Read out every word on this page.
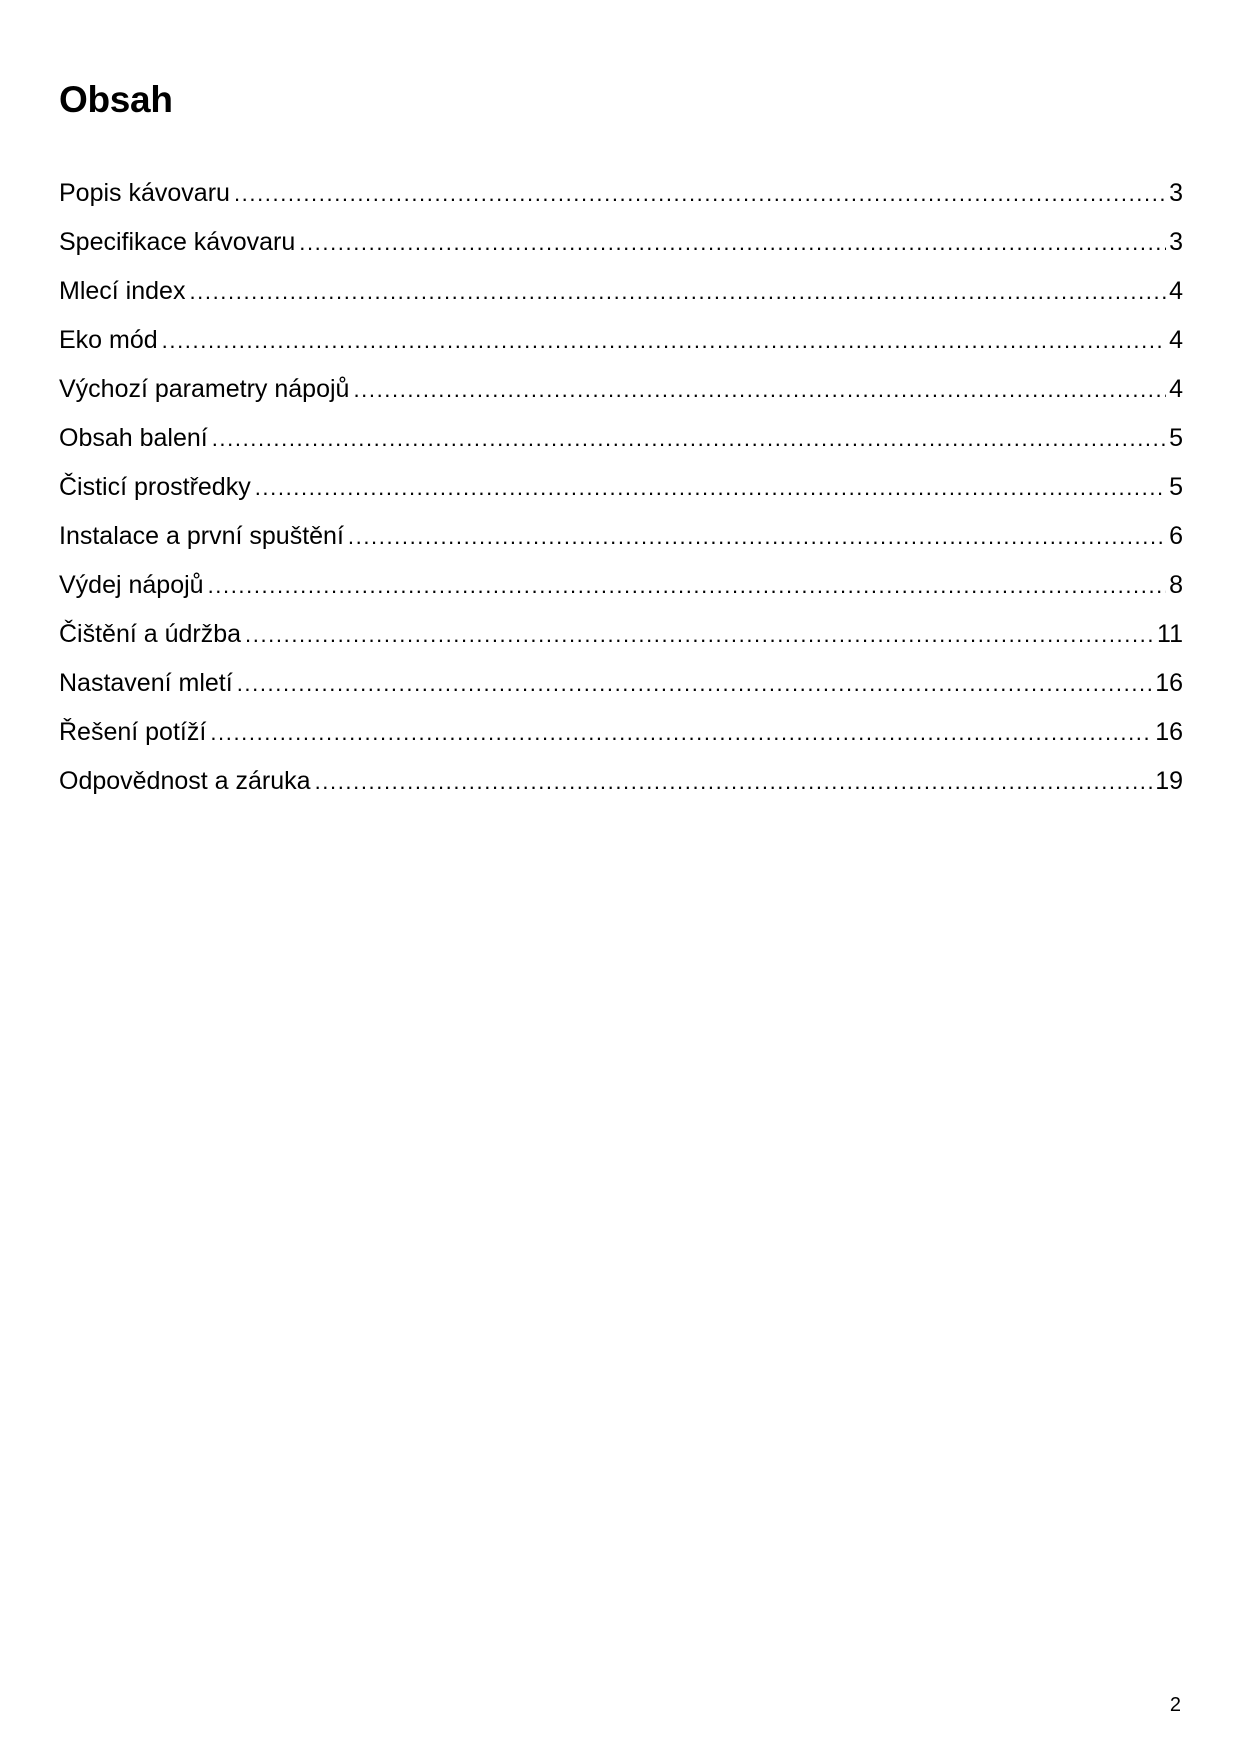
Obsah
Popis kávovaru .....	3
Specifikace kávovaru .....	3
Mlecí index .....	4
Eko mód .....	4
Výchozí parametry nápojů .....	4
Obsah balení .....	5
Čisticí prostředky .....	5
Instalace a první spuštění .....	6
Výdej nápojů .....	8
Čištění a údržba .....	11
Nastavení mletí .....	16
Řešení potíží .....	16
Odpovědnost a záruka .....	19
2
